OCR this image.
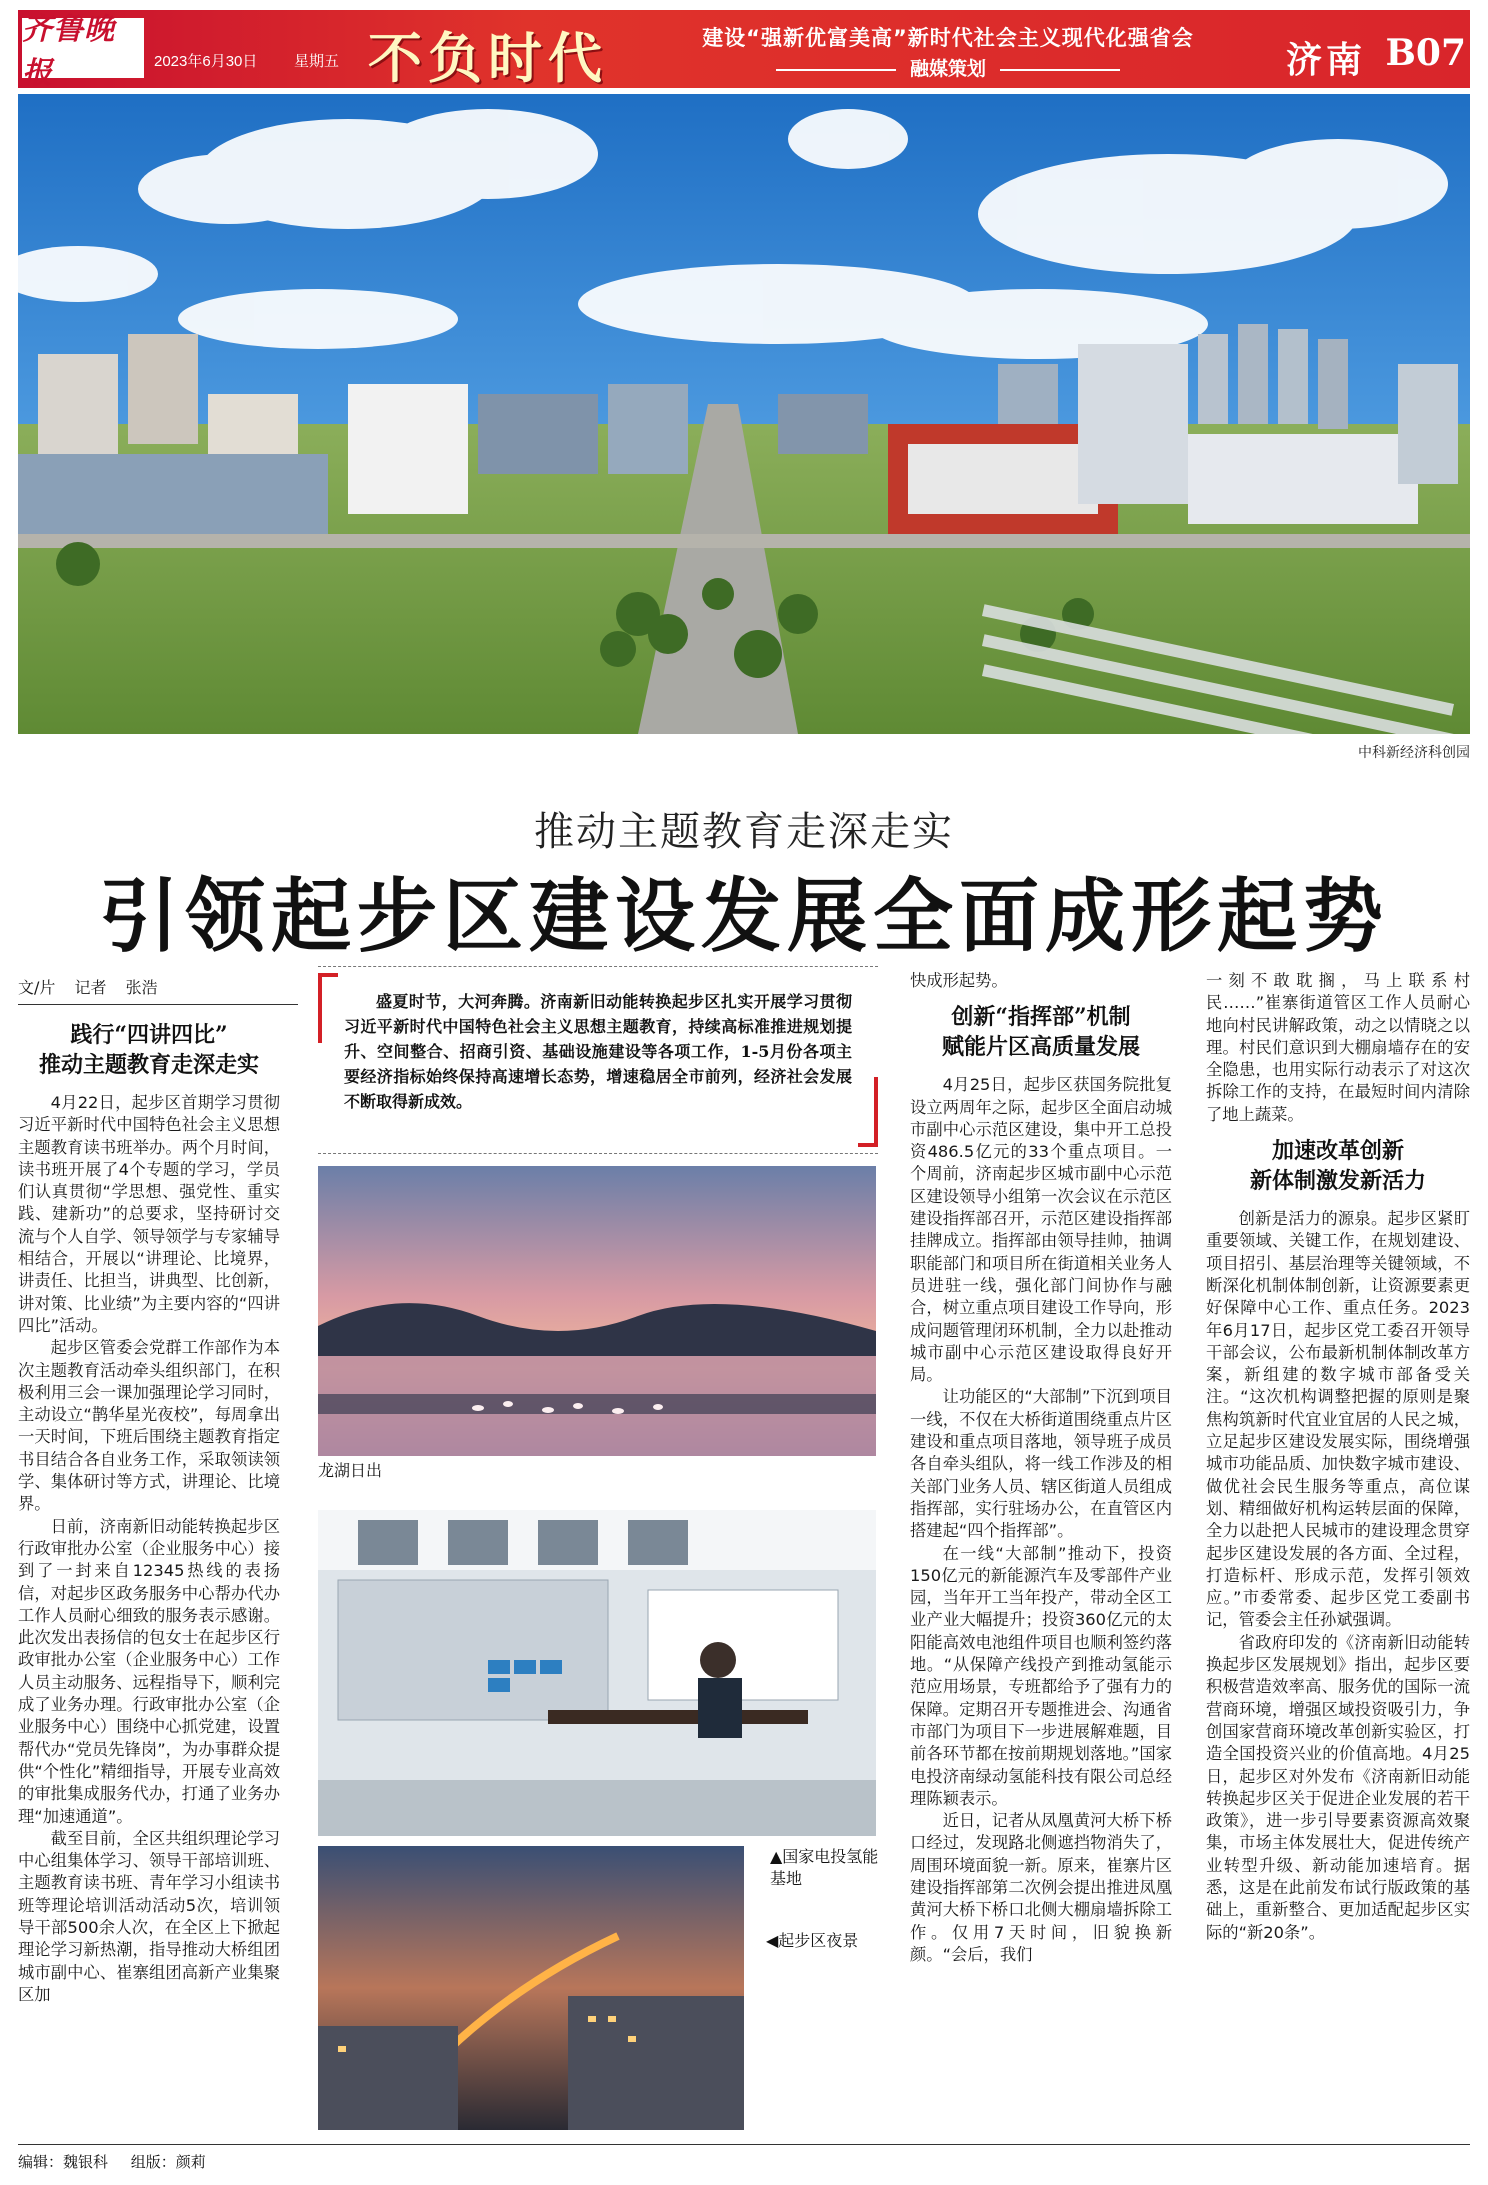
齐鲁晚报	2023年6月30日 星期五 不负时代	建设“强新优富美高”新时代社会主义现代化强省会
融媒策划	济南 B07
中科新经济科创园
推动主题教育走深走实
引领起步区建设发展全面成形起势
文/片 记者 张浩
践行“四讲四比”
推动主题教育走深走实

4月22日，起步区首期学习贯彻习近平新时代中国特色社会主义思想主题教育读书班举办。两个月时间，读书班开展了4个专题的学习，学员们认真贯彻“学思想、强党性、重实践、建新功”的总要求，坚持研讨交流与个人自学、领导领学与专家辅导相结合，开展以“讲理论、比境界，讲责任、比担当，讲典型、比创新，讲对策、比业绩”为主要内容的“四讲四比”活动。

起步区管委会党群工作部作为本次主题教育活动牵头组织部门，在积极利用三会一课加强理论学习同时，主动设立“鹊华星光夜校”，每周拿出一天时间，下班后围绕主题教育指定书目结合各自业务工作，采取领读领学、集体研讨等方式，讲理论、比境界。

日前，济南新旧动能转换起步区行政审批办公室（企业服务中心）接到了一封来自12345热线的表扬信，对起步区政务服务中心帮办代办工作人员耐心细致的服务表示感谢。此次发出表扬信的包女士在起步区行政审批办公室（企业服务中心）工作人员主动服务、远程指导下，顺利完成了业务办理。行政审批办公室（企业服务中心）围绕中心抓党建，设置帮代办“党员先锋岗”，为办事群众提供“个性化”精细指导，开展专业高效的审批集成服务代办，打通了业务办理“加速通道”。

截至目前，全区共组织理论学习中心组集体学习、领导干部培训班、主题教育读书班、青年学习小组读书班等理论培训活动活动5次，培训领导干部500余人次，在全区上下掀起理论学习新热潮，指导推动大桥组团城市副中心、崔寨组团高新产业集聚区加

盛夏时节，大河奔腾。济南新旧动能转换起步区扎实开展学习贯彻习近平新时代中国特色社会主义思想主题教育，持续高标准推进规划提升、空间整合、招商引资、基础设施建设等各项工作，1-5月份各项主要经济指标始终保持高速增长态势，增速稳居全市前列，经济社会发展不断取得新成效。

龙湖日出
▲国家电投氢能基地
◀起步区夜景
快成形起势。
创新“指挥部”机制
赋能片区高质量发展

4月25日，起步区获国务院批复设立两周年之际，起步区全面启动城市副中心示范区建设，集中开工总投资486.5亿元的33个重点项目。一个周前，济南起步区城市副中心示范区建设领导小组第一次会议在示范区建设指挥部召开，示范区建设指挥部挂牌成立。指挥部由领导挂帅，抽调职能部门和项目所在街道相关业务人员进驻一线，强化部门间协作与融合，树立重点项目建设工作导向，形成问题管理闭环机制，全力以赴推动城市副中心示范区建设取得良好开局。

让功能区的“大部制”下沉到项目一线，不仅在大桥街道围绕重点片区建设和重点项目落地，领导班子成员各自牵头组队，将一线工作涉及的相关部门业务人员、辖区街道人员组成指挥部，实行驻场办公，在直管区内搭建起“四个指挥部”。

在一线“大部制”推动下，投资150亿元的新能源汽车及零部件产业园，当年开工当年投产，带动全区工业产业大幅提升；投资360亿元的太阳能高效电池组件项目也顺利签约落地。“从保障产线投产到推动氢能示范应用场景，专班都给予了强有力的保障。定期召开专题推进会、沟通省市部门为项目下一步进展解难题，目前各环节都在按前期规划落地。”国家电投济南绿动氢能科技有限公司总经理陈颖表示。

近日，记者从凤凰黄河大桥下桥口经过，发现路北侧遮挡物消失了，周围环境面貌一新。原来，崔寨片区建设指挥部第二次例会提出推进凤凰黄河大桥下桥口北侧大棚扇墙拆除工作。仅用7天时间，旧貌换新颜。“会后，我们

一刻不敢耽搁，马上联系村民……”崔寨街道管区工作人员耐心地向村民讲解政策，动之以情晓之以理。村民们意识到大棚扇墙存在的安全隐患，也用实际行动表示了对这次拆除工作的支持，在最短时间内清除了地上蔬菜。

加速改革创新
新体制激发新活力

创新是活力的源泉。起步区紧盯重要领域、关键工作，在规划建设、项目招引、基层治理等关键领域，不断深化机制体制创新，让资源要素更好保障中心工作、重点任务。2023年6月17日，起步区党工委召开领导干部会议，公布最新机制体制改革方案，新组建的数字城市部备受关注。“这次机构调整把握的原则是聚焦构筑新时代宜业宜居的人民之城，立足起步区建设发展实际，围绕增强城市功能品质、加快数字城市建设、做优社会民生服务等重点，高位谋划、精细做好机构运转层面的保障，全力以赴把人民城市的建设理念贯穿起步区建设发展的各方面、全过程，打造标杆、形成示范，发挥引领效应。”市委常委、起步区党工委副书记，管委会主任孙斌强调。

省政府印发的《济南新旧动能转换起步区发展规划》指出，起步区要积极营造效率高、服务优的国际一流营商环境，增强区域投资吸引力，争创国家营商环境改革创新实验区，打造全国投资兴业的价值高地。4月25日，起步区对外发布《济南新旧动能转换起步区关于促进企业发展的若干政策》，进一步引导要素资源高效聚集，市场主体发展壮大，促进传统产业转型升级、新动能加速培育。据悉，这是在此前发布试行版政策的基础上，重新整合、更加适配起步区实际的“新20条”。

编辑：魏银科 组版：颜莉
